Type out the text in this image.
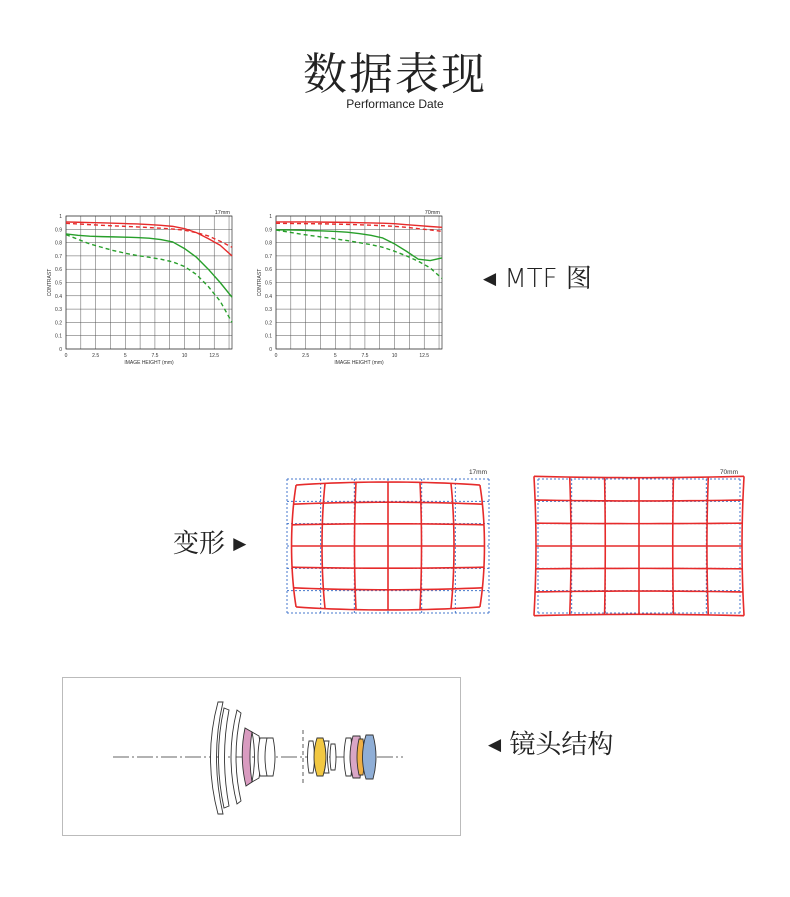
数据表现
Performance Date
0
0.1
0.2
0.3
0.4
0.5
0.6
0.7
0.8
0.9
1
0	2.5	5	7.5	10	12.5
IMAGE HEIGHT (mm)
CONTRAST
17mm
0
0.1
0.2
0.3
0.4
0.5
0.6
0.7
0.8
0.9
1
0	2.5	5	7.5	10	12.5
IMAGE HEIGHT (mm)
CONTRAST
70mm
◀ MTF 图
变形 ▶
17mm	70mm
◀ 镜头结构
